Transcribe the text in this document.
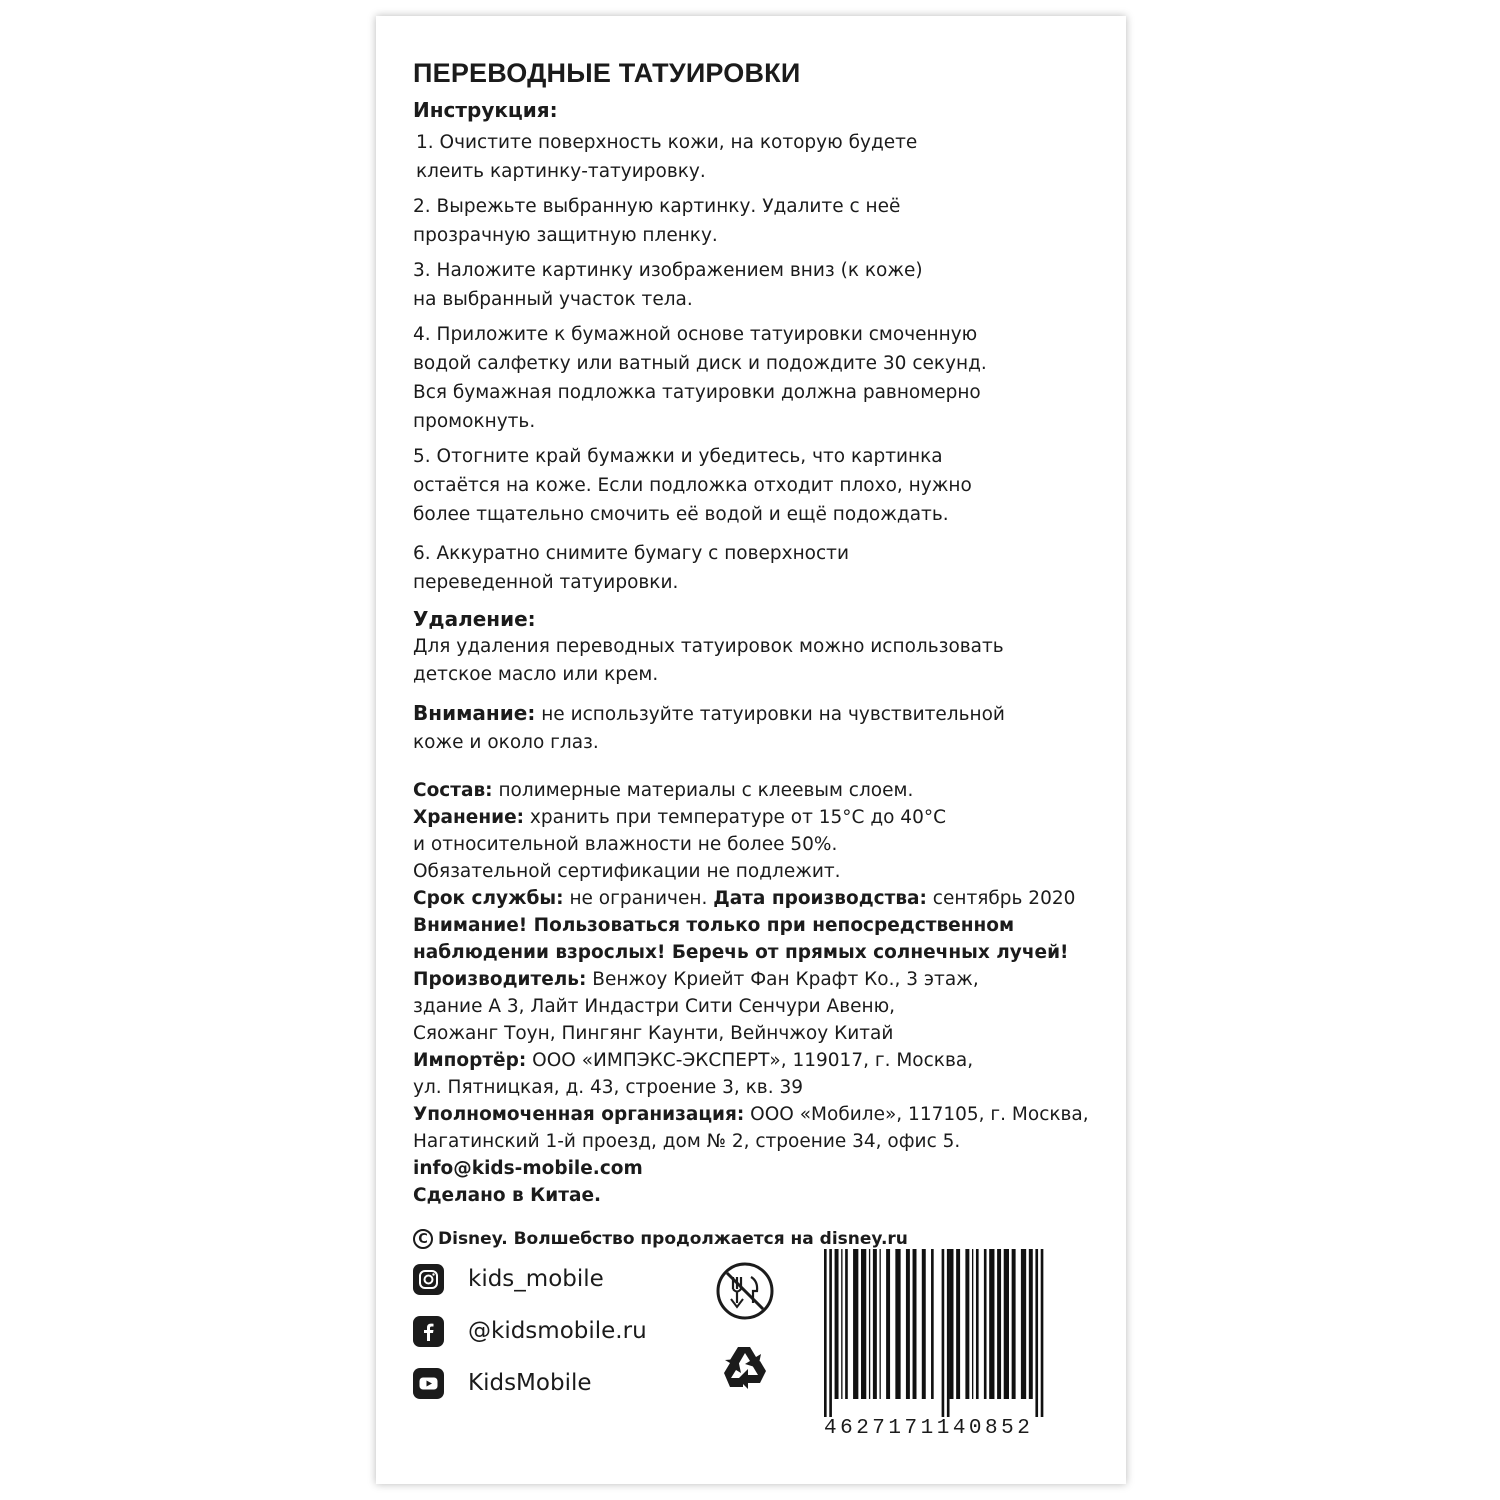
ПЕРЕВОДНЫЕ ТАТУИРОВКИ
Инструкция:

1. Очистите поверхность кожи, на которую будете
клеить картинку-татуировку.

2. Вырежьте выбранную картинку. Удалите с неё
прозрачную защитную пленку.

3. Наложите картинку изображением вниз (к коже)
на выбранный участок тела.

4. Приложите к бумажной основе татуировки смоченную
водой салфетку или ватный диск и подождите 30 секунд.
Вся бумажная подложка татуировки должна равномерно
промокнуть.

5. Отогните край бумажки и убедитесь, что картинка
остаётся на коже. Если подложка отходит плохо, нужно
более тщательно смочить её водой и ещё подождать.

6. Аккуратно снимите бумагу с поверхности
переведенной татуировки.

Удаление:

Для удаления переводных татуировок можно использовать
детское масло или крем.

Внимание: не используйте татуировки на чувствительной
коже и около глаз.

Состав: полимерные материалы с клеевым слоем.
Хранение: хранить при температуре от 15°С до 40°С
и относительной влажности не более 50%.
Обязательной сертификации не подлежит.
Срок службы: не ограничен. Дата производства: сентябрь 2020
Внимание! Пользоваться только при непосредственном
наблюдении взрослых! Беречь от прямых солнечных лучей!
Производитель: Венжоу Криейт Фан Крафт Ко., 3 этаж,
здание А 3, Лайт Индастри Сити Сенчури Авеню,
Сяожанг Тоун, Пингянг Каунти, Вейнчжоу Китай
Импортёр: ООО «ИМПЭКС-ЭКСПЕРТ», 119017, г. Москва,
ул. Пятницкая, д. 43, строение 3, кв. 39
Уполномоченная организация: ООО «Мобиле», 117105, г. Москва,
Нагатинский 1-й проезд, дом № 2, строение 34, офис 5.
info@kids-mobile.com
Сделано в Китае.
C Disney. Волшебство продолжается на disney.ru
kids_mobile
@kidsmobile.ru
KidsMobile
4627171140852
